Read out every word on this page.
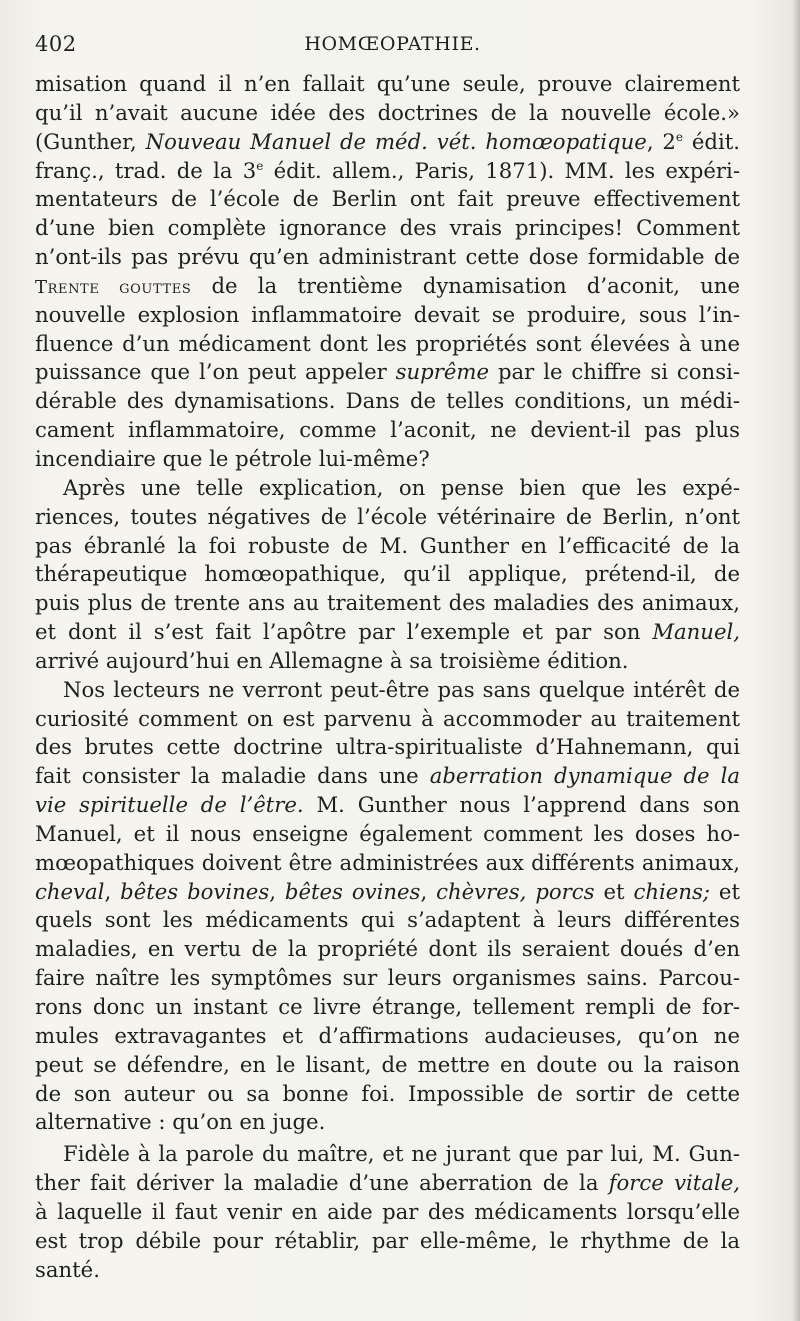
402	HOMŒOPATHIE.
misation quand il n’en fallait qu’une seule, prouve clairement
qu’il n’avait aucune idée des doctrines de la nouvelle école.»
(Gunther, Nouveau Manuel de méd. vét. homœopatique, 2e édit.
franç., trad. de la 3e édit. allem., Paris, 1871). MM. les expéri-
mentateurs de l’école de Berlin ont fait preuve effectivement
d’une bien complète ignorance des vrais principes! Comment
n’ont-ils pas prévu qu’en administrant cette dose formidable de
Trente gouttes de la trentième dynamisation d’aconit, une
nouvelle explosion inflammatoire devait se produire, sous l’in-
fluence d’un médicament dont les propriétés sont élevées à une
puissance que l’on peut appeler suprême par le chiffre si consi-
dérable des dynamisations. Dans de telles conditions, un médi-
cament inflammatoire, comme l’aconit, ne devient-il pas plus
incendiaire que le pétrole lui-même?
Après une telle explication, on pense bien que les expé-
riences, toutes négatives de l’école vétérinaire de Berlin, n’ont
pas ébranlé la foi robuste de M. Gunther en l’efficacité de la
thérapeutique homœopathique, qu’il applique, prétend-il, de
puis plus de trente ans au traitement des maladies des animaux,
et dont il s’est fait l’apôtre par l’exemple et par son Manuel,
arrivé aujourd’hui en Allemagne à sa troisième édition.
Nos lecteurs ne verront peut-être pas sans quelque intérêt de
curiosité comment on est parvenu à accommoder au traitement
des brutes cette doctrine ultra-spiritualiste d’Hahnemann, qui
fait consister la maladie dans une aberration dynamique de la
vie spirituelle de l’être. M. Gunther nous l’apprend dans son
Manuel, et il nous enseigne également comment les doses ho-
mœopathiques doivent être administrées aux différents animaux,
cheval, bêtes bovines, bêtes ovines, chèvres, porcs et chiens; et
quels sont les médicaments qui s’adaptent à leurs différentes
maladies, en vertu de la propriété dont ils seraient doués d’en
faire naître les symptômes sur leurs organismes sains. Parcou-
rons donc un instant ce livre étrange, tellement rempli de for-
mules extravagantes et d’affirmations audacieuses, qu’on ne
peut se défendre, en le lisant, de mettre en doute ou la raison
de son auteur ou sa bonne foi. Impossible de sortir de cette
alternative : qu’on en juge.
Fidèle à la parole du maître, et ne jurant que par lui, M. Gun-
ther fait dériver la maladie d’une aberration de la force vitale,
à laquelle il faut venir en aide par des médicaments lorsqu’elle
est trop débile pour rétablir, par elle-même, le rhythme de la
santé.
